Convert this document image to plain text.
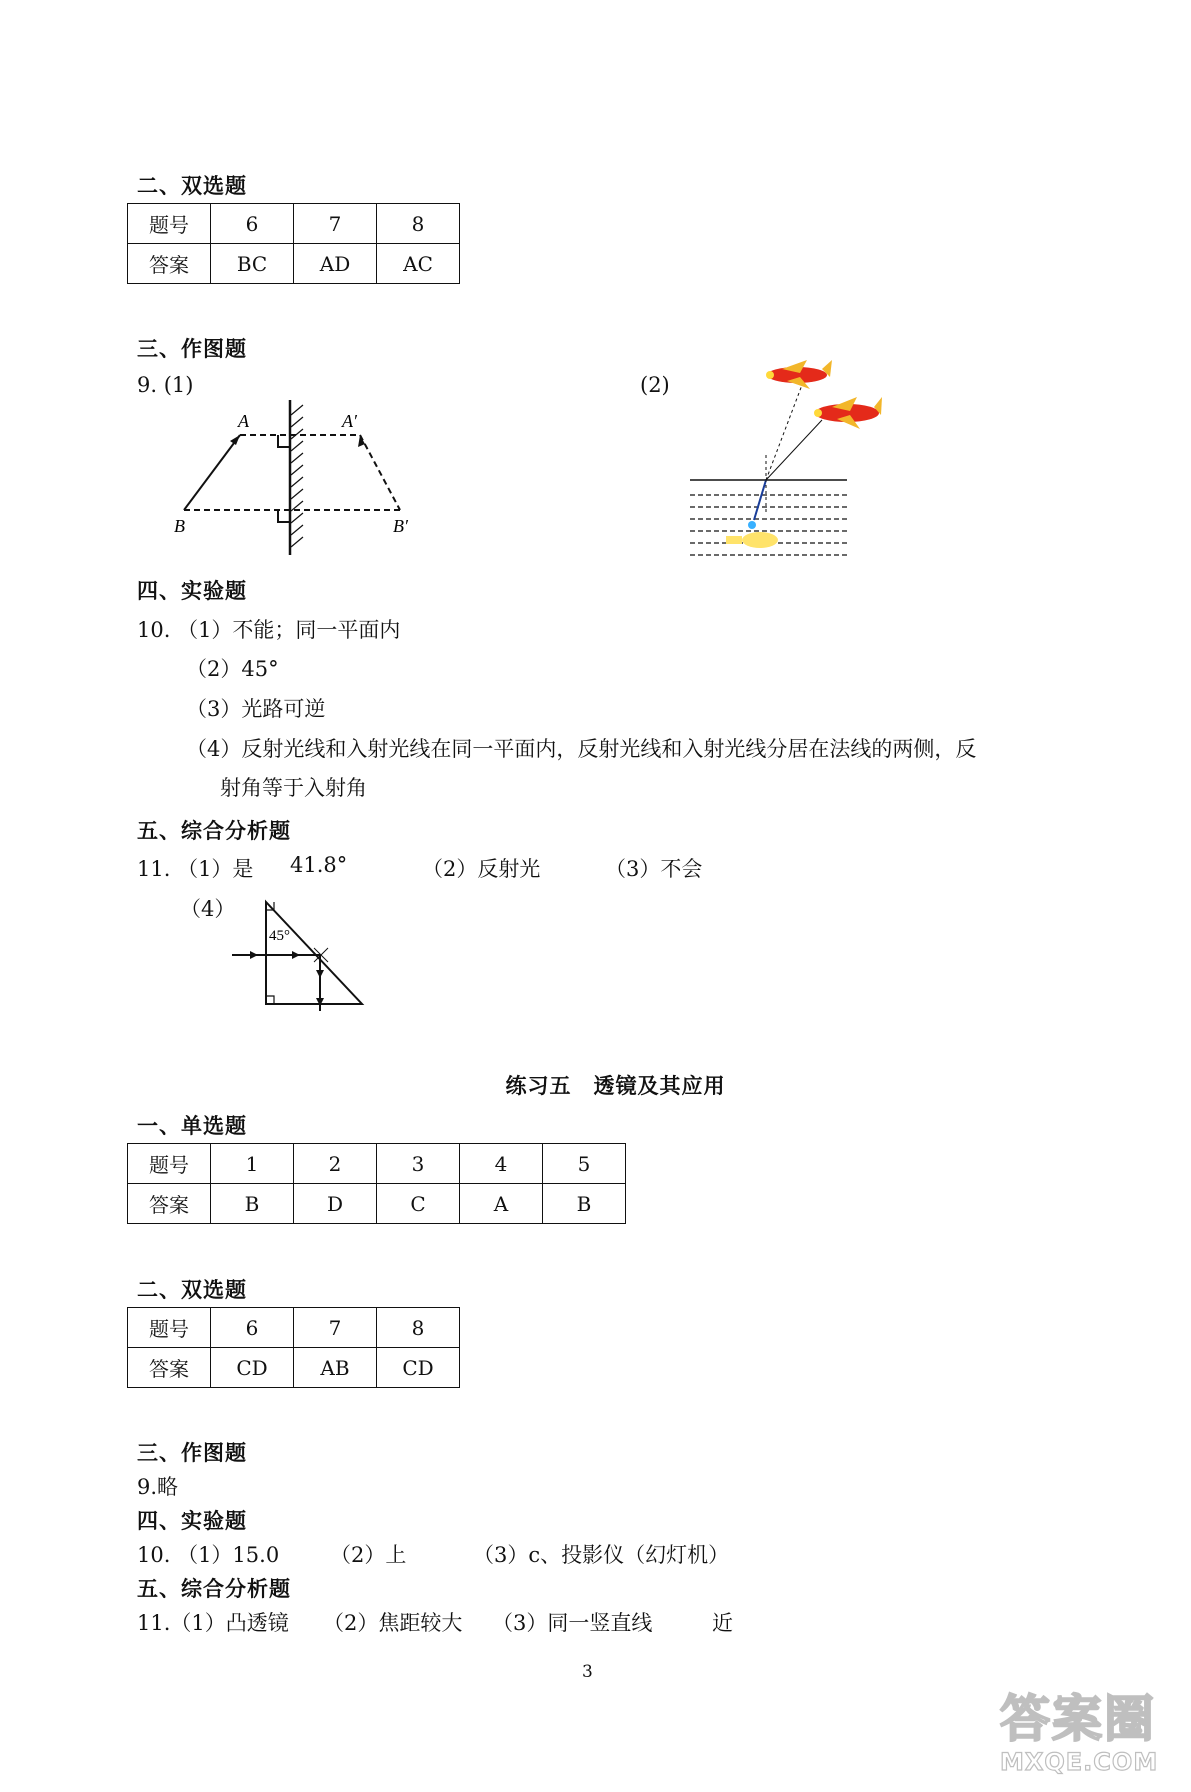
二、双选题
题号	6	7	8
答案	BC	AD	AC
三、作图题
9. (1)	(2)
A	A′
B	B′
四、实验题
10. （1）不能；同一平面内
（2）45°
（3）光路可逆
（4）反射光线和入射光线在同一平面内，反射光线和入射光线分居在法线的两侧，反
射角等于入射角
五、综合分析题
11. （1）是 41.8°	（2）反射光	（3）不会
（4）
45°
练习五　透镜及其应用
一、单选题
题号	1	2	3	4	5
答案	B	D	C	A	B
二、双选题
题号	6	7	8
答案	CD	AB	CD
三、作图题
9.略
四、实验题
10. （1）15.0 （2）上	（3）c、投影仪（幻灯机）
五、综合分析题
11.（1）凸透镜 （2）焦距较大 （3）同一竖直线	近
3
答案圈
MXQE.COM
